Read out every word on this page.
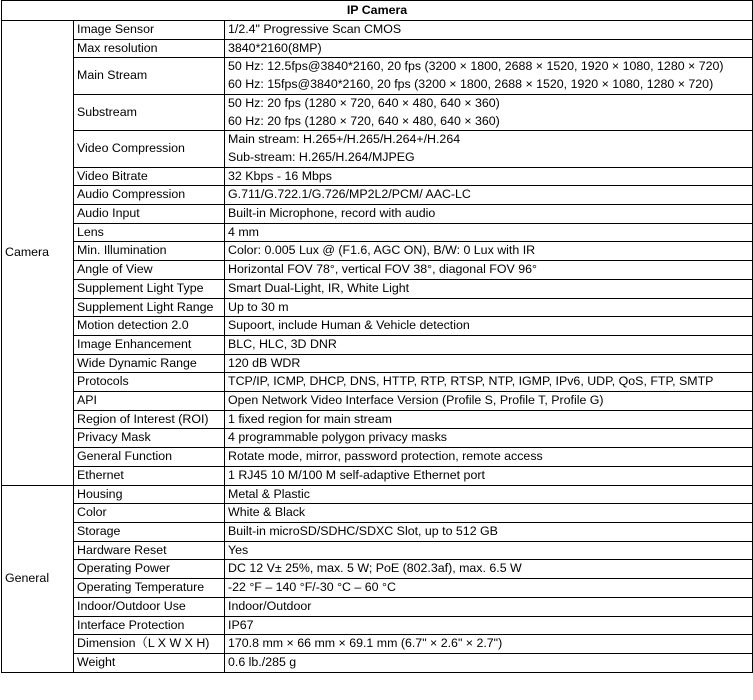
IP Camera		
Camera	Image Sensor	1/2.4" Progressive Scan CMOS

	Max resolution	3840*2160(8MP)

	Main Stream	50 Hz: 12.5fps@3840*2160, 20 fps (3200 × 1800, 2688 × 1520, 1920 × 1080, 1280 × 720)
60 Hz: 15fps@3840*2160, 20 fps (3200 × 1800, 2688 × 1520, 1920 × 1080, 1280 × 720)

	Substream	50 Hz: 20 fps (1280 × 720, 640 × 480, 640 × 360)
60 Hz: 20 fps (1280 × 720, 640 × 480, 640 × 360)

	Video Compression	Main stream: H.265+/H.265/H.264+/H.264
Sub-stream: H.265/H.264/MJPEG

	Video Bitrate	32 Kbps - 16 Mbps

	Audio Compression	G.711/G.722.1/G.726/MP2L2/PCM/ AAC-LC

	Audio Input	Built-in Microphone, record with audio

	Lens	4 mm

	Min. Illumination	Color: 0.005 Lux @ (F1.6, AGC ON), B/W: 0 Lux with IR

	Angle of View	Horizontal FOV 78°, vertical FOV 38°, diagonal FOV 96°

	Supplement Light Type	Smart Dual-Light, IR, White Light

	Supplement Light Range	Up to 30 m

	Motion detection 2.0	Supoort, include Human & Vehicle detection

	Image Enhancement	BLC, HLC, 3D DNR

	Wide Dynamic Range	120 dB WDR

	Protocols	TCP/IP, ICMP, DHCP, DNS, HTTP, RTP, RTSP, NTP, IGMP, IPv6, UDP, QoS, FTP, SMTP

	API	Open Network Video Interface Version (Profile S, Profile T, Profile G)

	Region of Interest (ROI)	1 fixed region for main stream

	Privacy Mask	4 programmable polygon privacy masks

	General Function	Rotate mode, mirror, password protection, remote access

	Ethernet	1 RJ45 10 M/100 M self-adaptive Ethernet port

General	Housing	Metal & Plastic

	Color	White & Black

	Storage	Built-in microSD/SDHC/SDXC Slot, up to 512 GB

	Hardware Reset	Yes

	Operating Power	DC 12 V± 25%, max. 5 W; PoE (802.3af), max. 6.5 W

	Operating Temperature	-22 °F – 140 °F/-30 °C – 60 °C

	Indoor/Outdoor Use	Indoor/Outdoor

	Interface Protection	IP67

	Dimension（L X W X H)	170.8 mm × 66 mm × 69.1 mm (6.7" × 2.6" × 2.7")

	Weight	0.6 lb./285 g
